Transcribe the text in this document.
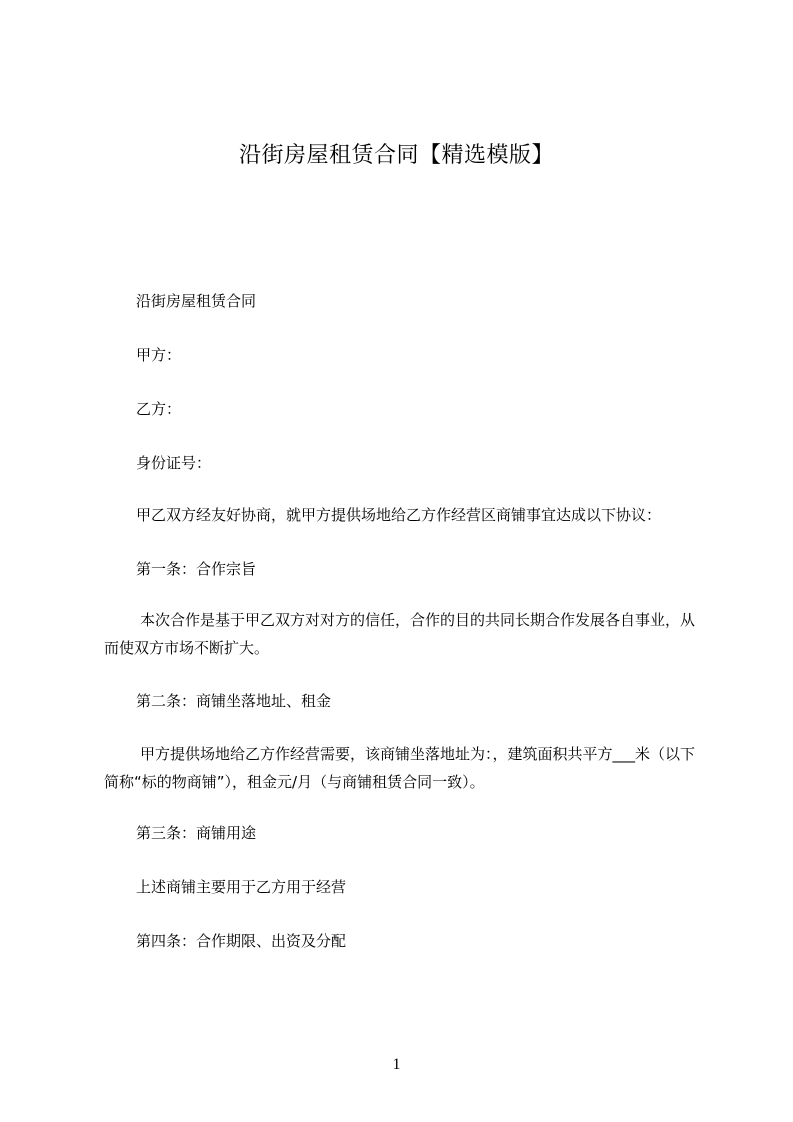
沿街房屋租赁合同【精选模版】
沿街房屋租赁合同
甲方：
乙方：
身份证号：
甲乙双方经友好协商，就甲方提供场地给乙方作经营区商铺事宜达成以下协议：
第一条：合作宗旨
本次合作是基于甲乙双方对对方的信任，合作的目的共同长期合作发展各自事业，从而使双方市场不断扩大。
第二条：商铺坐落地址、租金
甲方提供场地给乙方作经营需要，该商铺坐落地址为：，建筑面积共平方___米（以下简称“标的物商铺”），租金元/月（与商铺租赁合同一致）。
第三条：商铺用途
上述商铺主要用于乙方用于经营
第四条：合作期限、出资及分配
1
